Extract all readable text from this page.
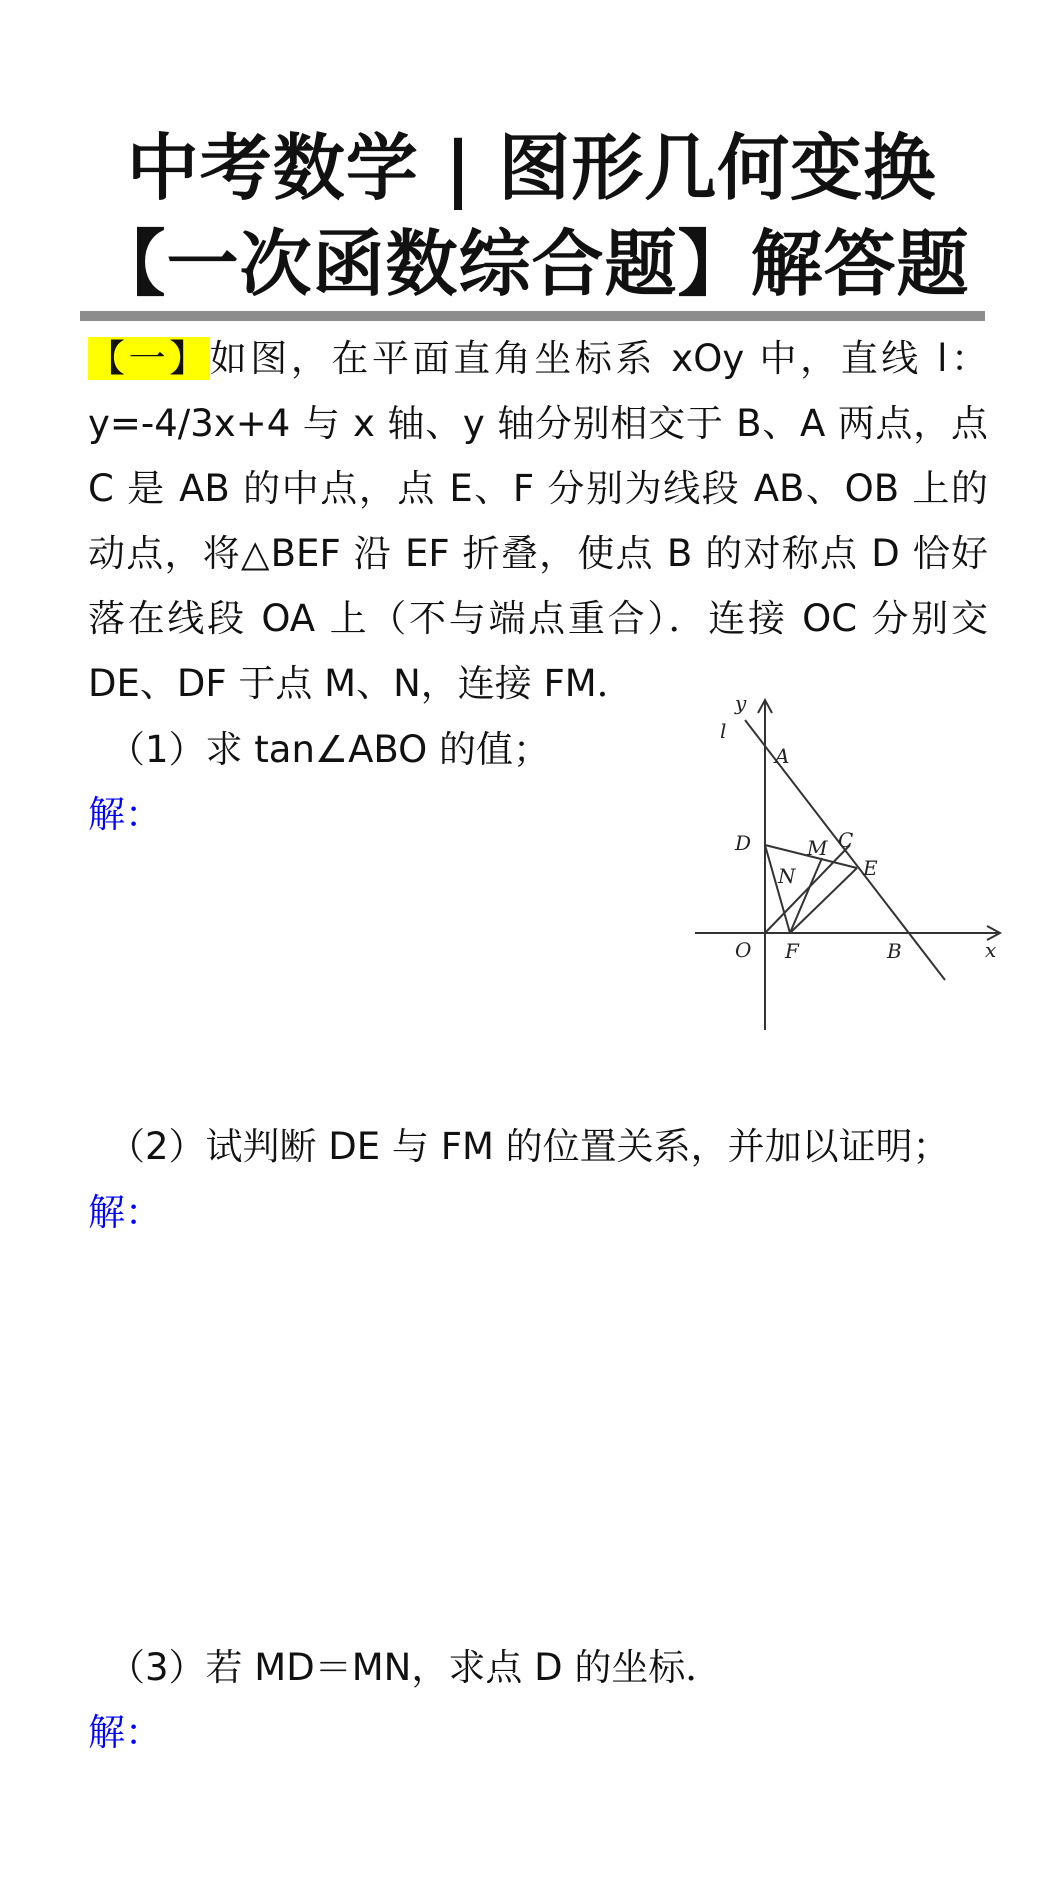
中考数学 | 图形几何变换
【一次函数综合题】解答题

【一】如图，在平面直角坐标系 xOy 中，直线 l：y=-4/3x+4 与 x 轴、y 轴分别相交于 B、A 两点，点 C 是 AB 的中点，点 E、F 分别为线段 AB、OB 上的动点，将△BEF 沿 EF 折叠，使点 B 的对称点 D 恰好落在线段 OA 上（不与端点重合）．连接 OC 分别交 DE、DF 于点 M、N，连接 FM．

（1）求 tan∠ABO 的值；
解：
（2）试判断 DE 与 FM 的位置关系，并加以证明；
解：
（3）若 MD＝MN，求点 D 的坐标．
解：
y
x
l
A
D	M C
E
N
O F	B
